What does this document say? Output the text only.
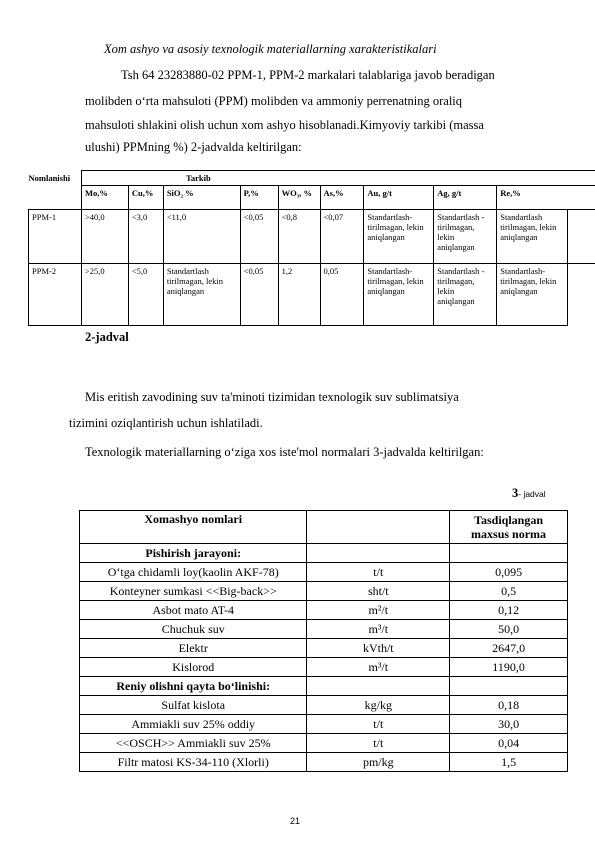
Xom ashyo va asosiy texnologik materiallarning xarakteristikalari
Tsh 64 23283880-02 PPM-1, PPM-2 markalari talablariga javob beradigan
molibden o‘rta mahsuloti (PPM) molibden va ammoniy perrenatning oraliq
mahsuloti shlakini olish uchun xom ashyo hisoblanadi.Kimyoviy tarkibi (massa
ulushi) PPMning %) 2-jadvalda keltirilgan:
Nomlanishi	Tarkib									
	Mo,%	Cu,%	SiO₂ %	P,%	WO₃, %	As,%	Au, g/t	Ag, g/t	Re,%	
PPM-1	>40,0	<3,0	<11,0	<0,05	<0,8	<0,07	Standartlash-tirilmagan, lekin aniqlangan	Standartlash - tirilmagan, lekin aniqlangan	Standartlash tirilmagan, lekin aniqlangan	
PPM-2	>25,0	<5,0	Standartlash tirilmagan, lekin aniqlangan	<0,05	1,2	0,05	Standartlash-tirilmagan, lekin aniqlangan	Standartlash - tirilmagan, lekin aniqlangan	Standartlash-tirilmagan, lekin aniqlangan	
2-jadval
Mis eritish zavodining suv ta'minoti tizimidan texnologik suv sublimatsiya
tizimini oziqlantirish uchun ishlatiladi.
Texnologik materiallarning o‘ziga xos iste'mol normalari 3-jadvalda keltirilgan:
3- jadval
Xomashyo nomlari		Tasdiqlangan maxsus norma
Pishirish jarayoni:		
O‘tga chidamli loy(kaolin AKF-78)	t/t	0,095
Konteyner sumkasi <<Big-back>>	sht/t	0,5
Asbot mato AT-4	m²/t	0,12
Chuchuk suv	m³/t	50,0
Elektr	kVth/t	2647,0
Kislorod	m³/t	1190,0
Reniy olishni qayta bo‘linishi:		
Sulfat kislota	kg/kg	0,18
Ammiakli suv 25% oddiy	t/t	30,0
<<OSCH>> Ammiakli suv 25%	t/t	0,04
Filtr matosi KS-34-110 (Xlorli)	pm/kg	1,5
21
